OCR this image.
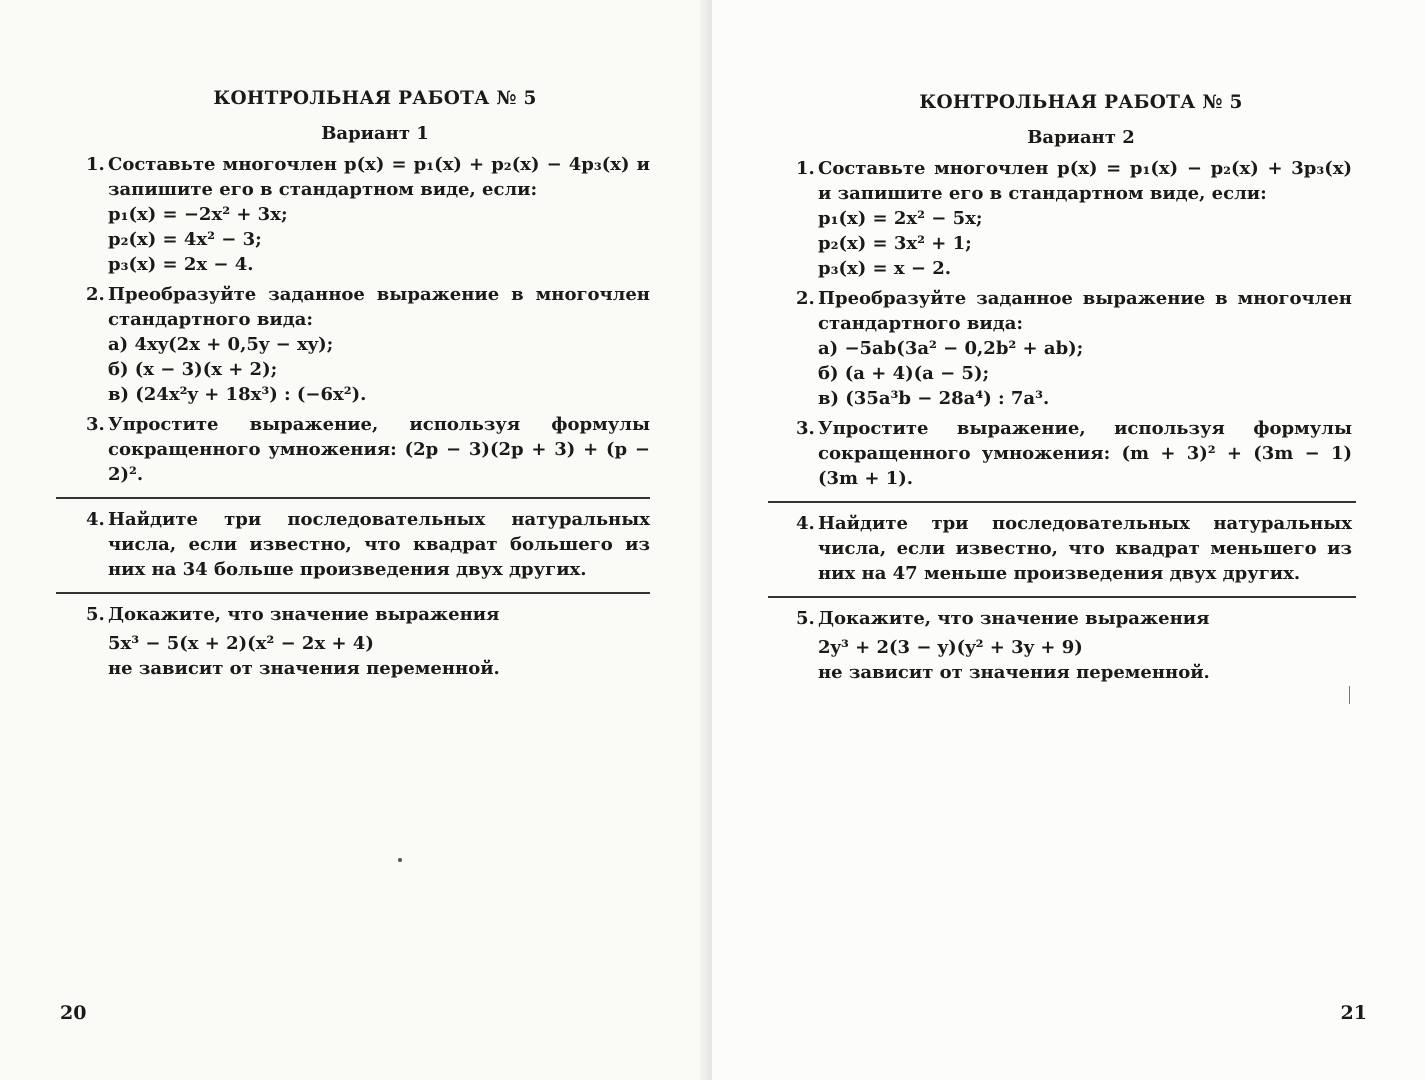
КОНТРОЛЬНАЯ РАБОТА № 5
Вариант 1
1. Составьте многочлен p(x) = p₁(x) + p₂(x) − 4p₃(x) и запишите его в стандартном виде, если:
p₁(x) = −2x² + 3x;
p₂(x) = 4x² − 3;
p₃(x) = 2x − 4.
2. Преобразуйте заданное выражение в многочлен стандартного вида:
а) 4xy(2x + 0,5y − xy);
б) (x − 3)(x + 2);
в) (24x²y + 18x³) : (−6x²).
3. Упростите выражение, используя формулы сокращенного умножения: (2p − 3)(2p + 3) + (p − 2)².
4. Найдите три последовательных натуральных числа, если известно, что квадрат большего из них на 34 больше произведения двух других.
5. Докажите, что значение выражения
5x³ − 5(x + 2)(x² − 2x + 4)
не зависит от значения переменной.
20
КОНТРОЛЬНАЯ РАБОТА № 5
Вариант 2
1. Составьте многочлен p(x) = p₁(x) − p₂(x) + 3p₃(x) и запишите его в стандартном виде, если:
p₁(x) = 2x² − 5x;
p₂(x) = 3x² + 1;
p₃(x) = x − 2.
2. Преобразуйте заданное выражение в многочлен стандартного вида:
а) −5ab(3a² − 0,2b² + ab);
б) (a + 4)(a − 5);
в) (35a³b − 28a⁴) : 7a³.
3. Упростите выражение, используя формулы сокращенного умножения: (m + 3)² + (3m − 1)(3m + 1).
4. Найдите три последовательных натуральных числа, если известно, что квадрат меньшего из них на 47 меньше произведения двух других.
5. Докажите, что значение выражения
2y³ + 2(3 − y)(y² + 3y + 9)
не зависит от значения переменной.
21
